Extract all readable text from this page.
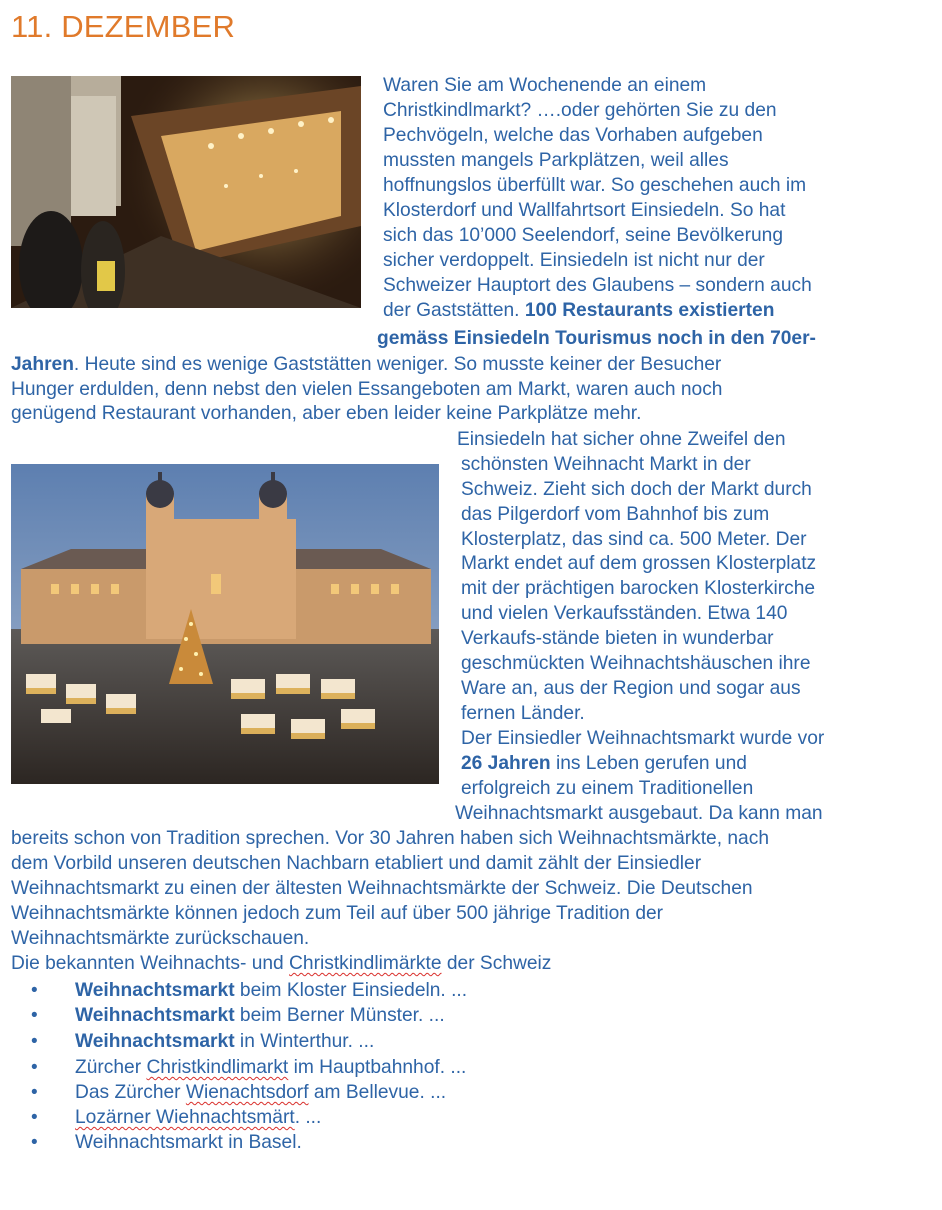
11. DEZEMBER
Waren Sie am Wochenende an einem
Christkindlmarkt? ….oder gehörten Sie zu den
Pechvögeln, welche das Vorhaben aufgeben
mussten mangels Parkplätzen, weil alles
hoffnungslos überfüllt war. So geschehen auch im
Klosterdorf und Wallfahrtsort Einsiedeln. So hat
sich das 10’000 Seelendorf, seine Bevölkerung
sicher verdoppelt. Einsiedeln ist nicht nur der
Schweizer Hauptort des Glaubens – sondern auch
der Gaststätten. 100 Restaurants existierten
gemäss Einsiedeln Tourismus noch in den 70er-
Jahren. Heute sind es wenige Gaststätten weniger. So musste keiner der Besucher
Hunger erdulden, denn nebst den vielen Essangeboten am Markt, waren auch noch
genügend Restaurant vorhanden, aber eben leider keine Parkplätze mehr.
Einsiedeln hat sicher ohne Zweifel den
schönsten Weihnacht Markt in der
Schweiz. Zieht sich doch der Markt durch
das Pilgerdorf vom Bahnhof bis zum
Klosterplatz, das sind ca. 500 Meter. Der
Markt endet auf dem grossen Klosterplatz
mit der prächtigen barocken Klosterkirche
und vielen Verkaufsständen. Etwa 140
Verkaufs-stände bieten in wunderbar
geschmückten Weihnachtshäuschen ihre
Ware an, aus der Region und sogar aus
fernen Länder.
Der Einsiedler Weihnachtsmarkt wurde vor
26 Jahren ins Leben gerufen und
erfolgreich zu einem Traditionellen
Weihnachtsmarkt ausgebaut. Da kann man
bereits schon von Tradition sprechen. Vor 30 Jahren haben sich Weihnachtsmärkte, nach
dem Vorbild unseren deutschen Nachbarn etabliert und damit zählt der Einsiedler
Weihnachtsmarkt zu einen der ältesten Weihnachtsmärkte der Schweiz. Die Deutschen
Weihnachtsmärkte können jedoch zum Teil auf über 500 jährige Tradition der
Weihnachtsmärkte zurückschauen.
Die bekannten Weihnachts- und Christkindlimärkte der Schweiz
• Weihnachtsmarkt beim Kloster Einsiedeln. ...
• Weihnachtsmarkt beim Berner Münster. ...
• Weihnachtsmarkt in Winterthur. ...
• Zürcher Christkindlimarkt im Hauptbahnhof. ...
• Das Zürcher Wienachtsdorf am Bellevue. ...
• Lozärner Wiehnachtsmärt. ...
• Weihnachtsmarkt in Basel.
